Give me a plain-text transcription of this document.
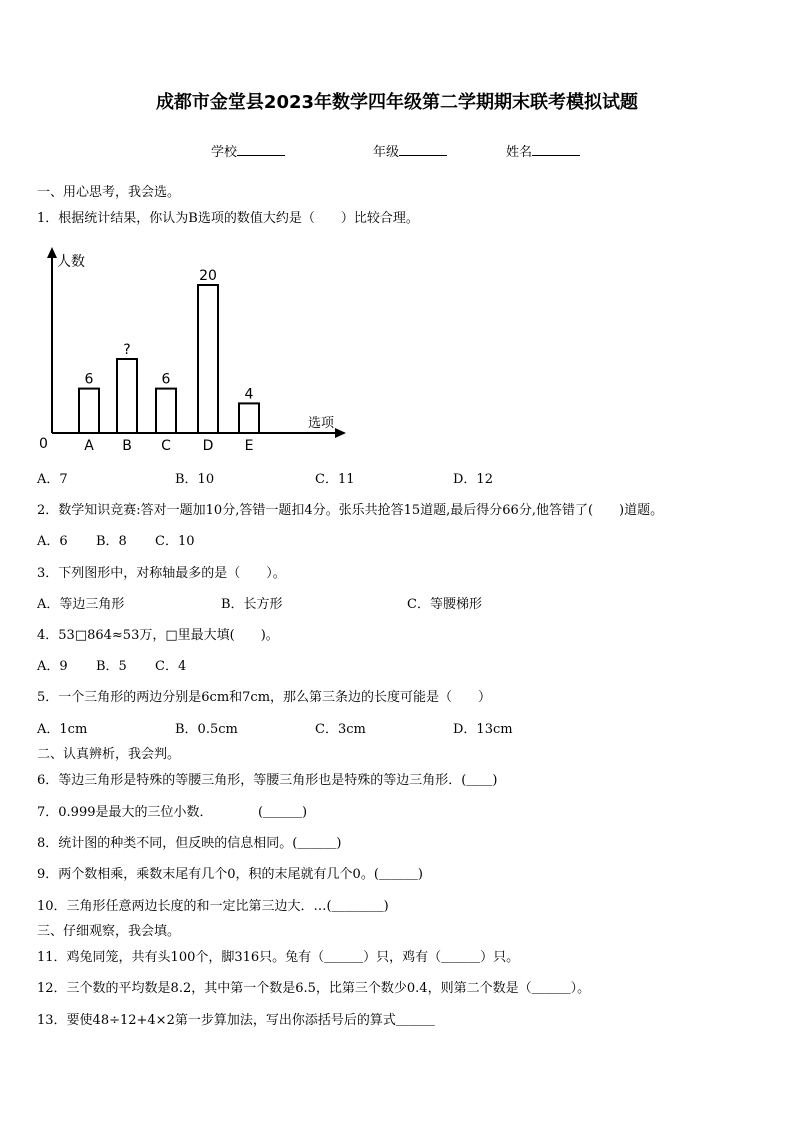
成都市金堂县2023年数学四年级第二学期期末联考模拟试题
学校	年级	姓名
一、用心思考，我会选。
1．根据统计结果，你认为B选项的数值大约是（　　）比较合理。
人数
选项
0
6
A
?
B
6
C
20
D
4
E
A．7	B．10	C．11	D．12
2．数学知识竞赛:答对一题加10分,答错一题扣4分。张乐共抢答15道题,最后得分66分,他答错了(　　)道题。
A．6 B．8 C．10
3．下列图形中，对称轴最多的是（　　）。
A．等边三角形	B．长方形	C．等腰梯形
4．53□864≈53万，□里最大填(　　)。
A．9 B．5 C．4
5．一个三角形的两边分别是6cm和7cm，那么第三条边的长度可能是（　　）
A．1cm	B．0.5cm	C．3cm	D．13cm
二、认真辨析，我会判。
6．等边三角形是特殊的等腰三角形，等腰三角形也是特殊的等边三角形．(＿＿)
7．0.999是最大的三位小数．　　　　(＿＿＿)
8．统计图的种类不同，但反映的信息相同。(＿＿＿)
9．两个数相乘，乘数末尾有几个0，积的末尾就有几个0。(＿＿＿)
10．三角形任意两边长度的和一定比第三边大．…(＿＿＿＿)
三、仔细观察，我会填。
11．鸡兔同笼，共有头100个，脚316只。兔有（＿＿＿）只，鸡有（＿＿＿）只。
12．三个数的平均数是8.2，其中第一个数是6.5，比第三个数少0.4，则第二个数是（＿＿＿）。
13．要使48÷12+4×2第一步算加法，写出你添括号后的算式＿＿＿
